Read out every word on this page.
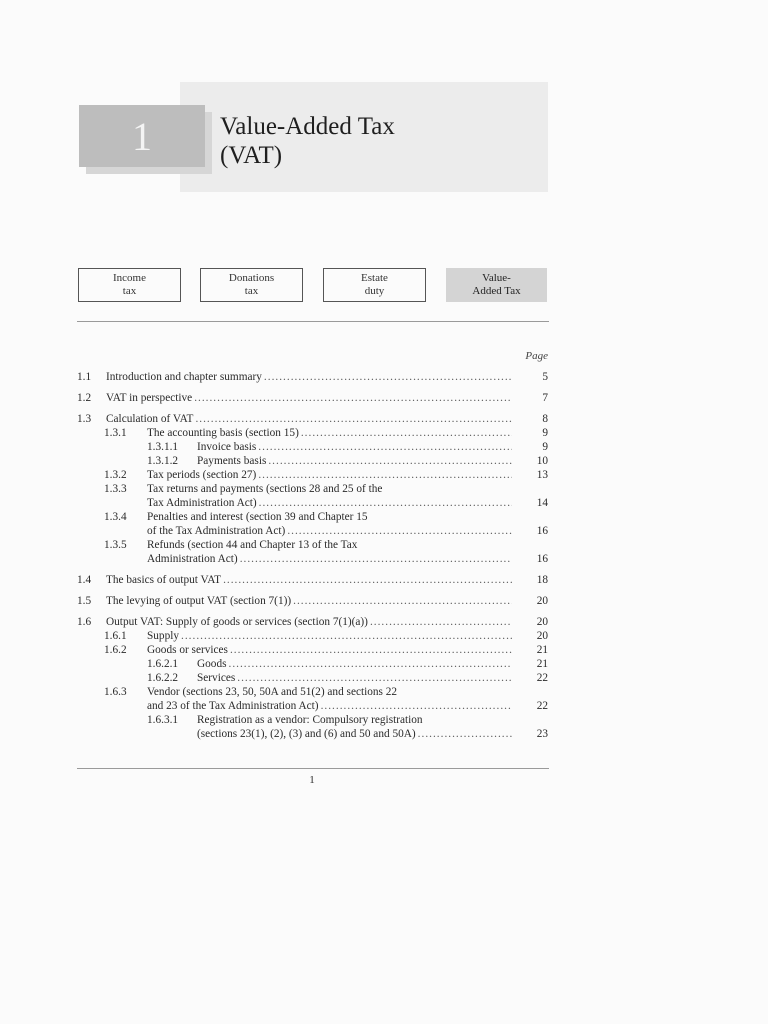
1	Value-Added Tax
(VAT)
Income
tax
Donations
tax
Estate
duty
Value-
Added Tax
Page
1.1 Introduction and chapter summary .....	5
1.2 VAT in perspective .....	7
1.3 Calculation of VAT .....	8
1.3.1 The accounting basis (section 15) .....	9
1.3.1.1 Invoice basis .....	9
1.3.1.2 Payments basis .....	10
1.3.2 Tax periods (section 27) .....	13
1.3.3 Tax returns and payments (sections 28 and 25 of the
Tax Administration Act) .....	14
1.3.4 Penalties and interest (section 39 and Chapter 15
of the Tax Administration Act) .....	16
1.3.5 Refunds (section 44 and Chapter 13 of the Tax
Administration Act) .....	16
1.4 The basics of output VAT .....	18
1.5 The levying of output VAT (section 7(1)) .....	20
1.6 Output VAT: Supply of goods or services (section 7(1)(a)) .....	20
1.6.1 Supply .....	20
1.6.2 Goods or services .....	21
1.6.2.1 Goods .....	21
1.6.2.2 Services .....	22
1.6.3 Vendor (sections 23, 50, 50A and 51(2) and sections 22
and 23 of the Tax Administration Act) .....	22
1.6.3.1 Registration as a vendor: Compulsory registration
(sections 23(1), (2), (3) and (6) and 50 and 50A) .....	23
1
